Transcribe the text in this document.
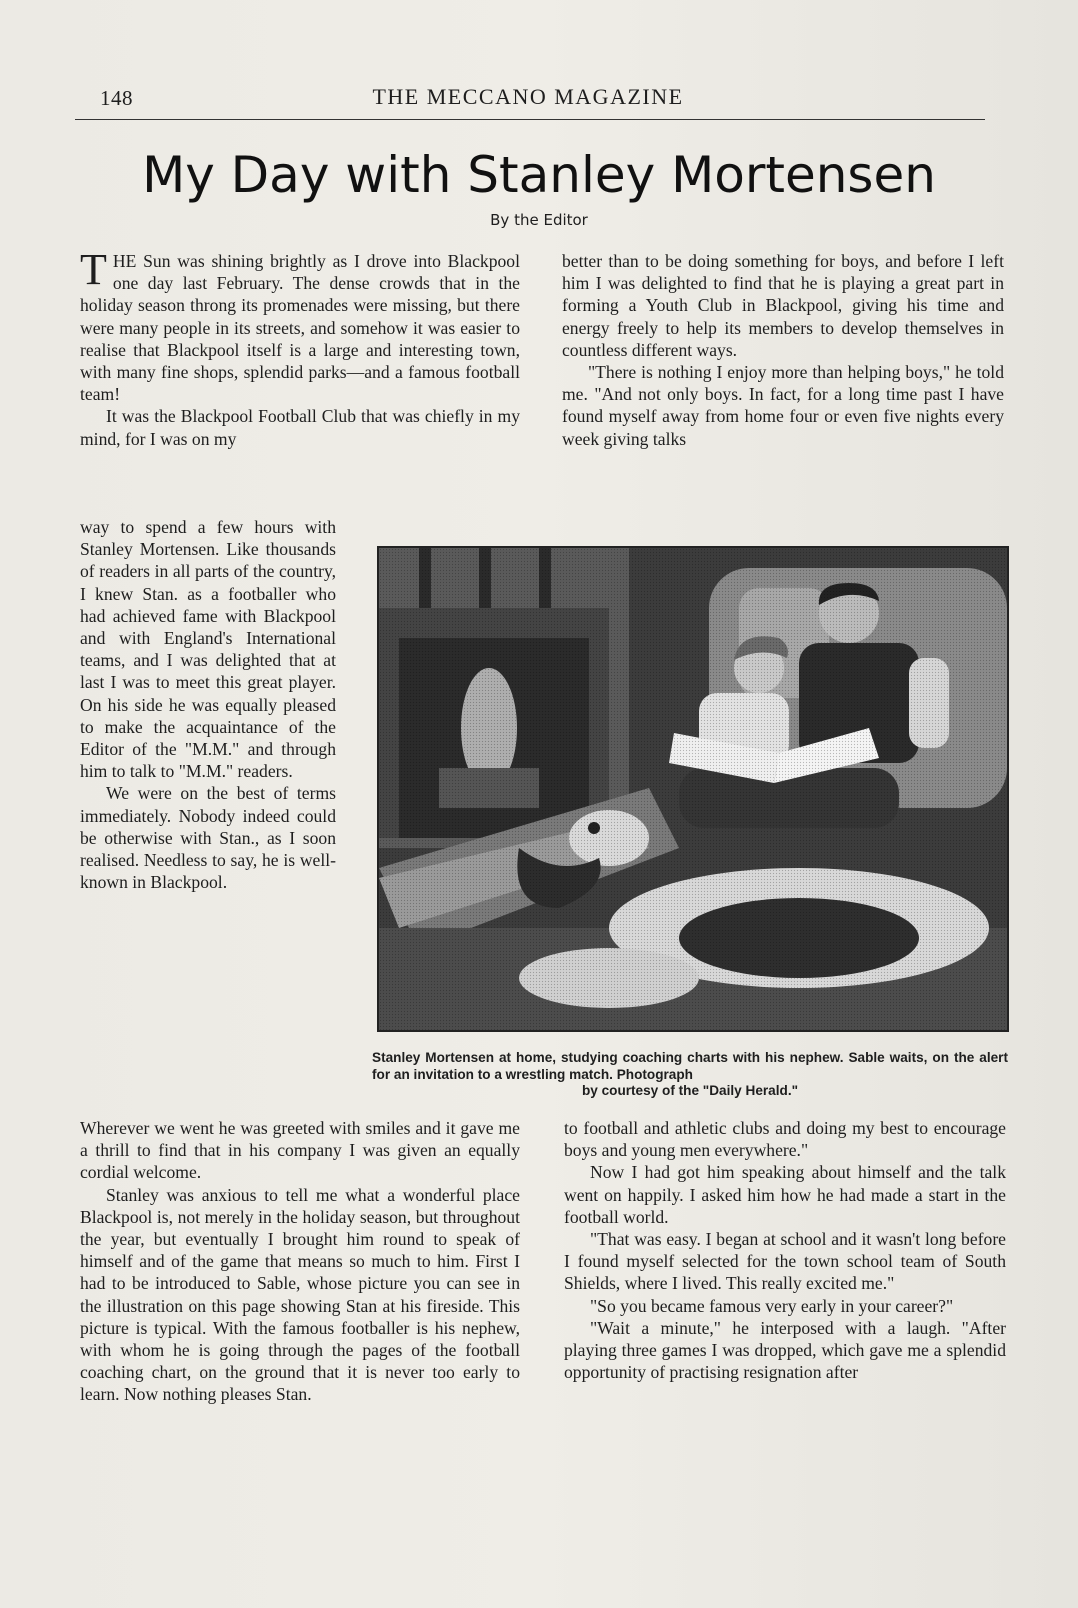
148	THE MECCANO MAGAZINE
My Day with Stanley Mortensen
By the Editor

THE Sun was shining brightly as I drove into Blackpool one day last February. The dense crowds that in the holiday season throng its promenades were missing, but there were many people in its streets, and somehow it was easier to realise that Blackpool itself is a large and interesting town, with many fine shops, splendid parks—and a famous football team!

It was the Blackpool Football Club that was chiefly in my mind, for I was on my

way to spend a few hours with Stanley Mortensen. Like thousands of readers in all parts of the country, I knew Stan. as a footballer who had achieved fame with Blackpool and with England's International teams, and I was delighted that at last I was to meet this great player. On his side he was equally pleased to make the acquaintance of the Editor of the "M.M." and through him to talk to "M.M." readers.

We were on the best of terms immediately. Nobody indeed could be otherwise with Stan., as I soon realised. Needless to say, he is well-known in Blackpool.

Wherever we went he was greeted with smiles and it gave me a thrill to find that in his company I was given an equally cordial welcome.

Stanley was anxious to tell me what a wonderful place Blackpool is, not merely in the holiday season, but throughout the year, but eventually I brought him round to speak of himself and of the game that means so much to him. First I had to be introduced to Sable, whose picture you can see in the illustration on this page showing Stan at his fireside. This picture is typical. With the famous footballer is his nephew, with whom he is going through the pages of the football coaching chart, on the ground that it is never too early to learn. Now nothing pleases Stan.

better than to be doing something for boys, and before I left him I was delighted to find that he is playing a great part in forming a Youth Club in Blackpool, giving his time and energy freely to help its members to develop themselves in countless different ways.

"There is nothing I enjoy more than helping boys," he told me. "And not only boys. In fact, for a long time past I have found myself away from home four or even five nights every week giving talks

Stanley Mortensen at home, studying coaching charts with his nephew. Sable waits, on the alert for an invitation to a wrestling match. Photograph
by courtesy of the "Daily Herald."

to football and athletic clubs and doing my best to encourage boys and young men everywhere."

Now I had got him speaking about himself and the talk went on happily. I asked him how he had made a start in the football world.

"That was easy. I began at school and it wasn't long before I found myself selected for the town school team of South Shields, where I lived. This really excited me."

"So you became famous very early in your career?"

"Wait a minute," he interposed with a laugh. "After playing three games I was dropped, which gave me a splendid opportunity of practising resignation after
